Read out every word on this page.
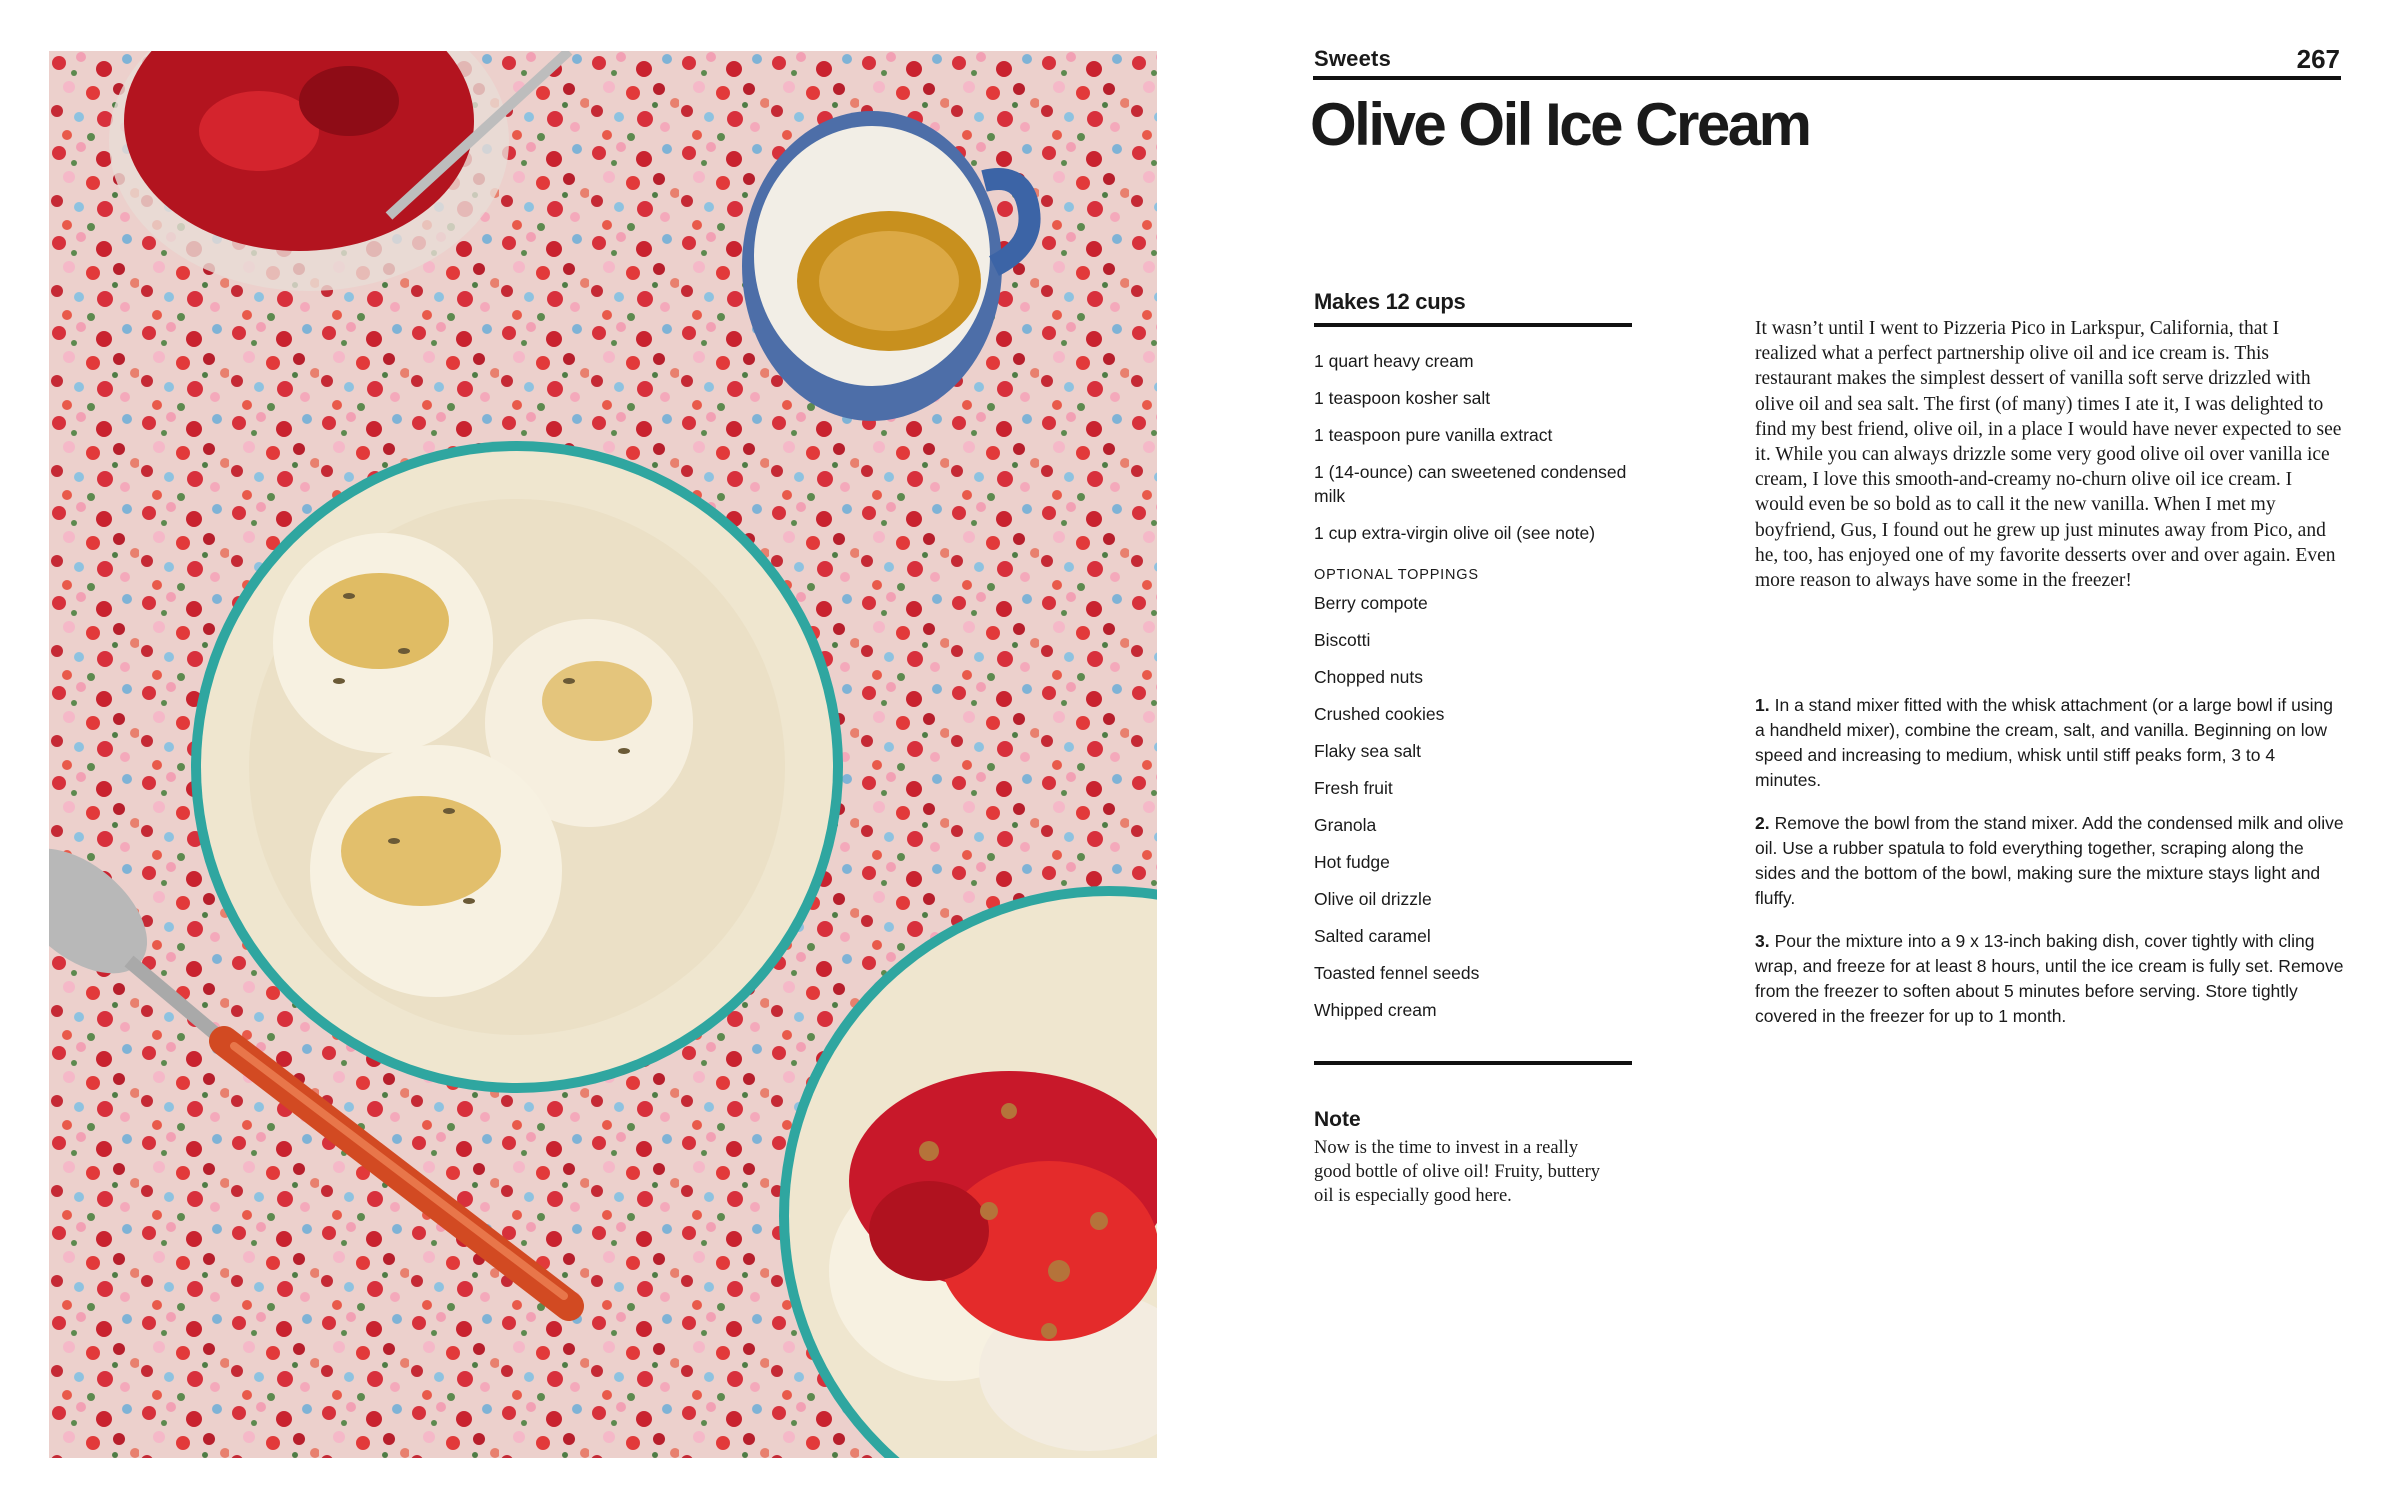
Sweets	267
Olive Oil Ice Cream
Makes 12 cups
1 quart heavy cream
1 teaspoon kosher salt
1 teaspoon pure vanilla extract
1 (14-ounce) can sweetened condensed milk
1 cup extra-virgin olive oil (see note)
OPTIONAL TOPPINGS
Berry compote
Biscotti
Chopped nuts
Crushed cookies
Flaky sea salt
Fresh fruit
Granola
Hot fudge
Olive oil drizzle
Salted caramel
Toasted fennel seeds
Whipped cream
Note
Now is the time to invest in a really good bottle of olive oil! Fruity, buttery oil is especially good here.

It wasn’t until I went to Pizzeria Pico in Larkspur, California, that I realized what a perfect partnership olive oil and ice cream is. This restaurant makes the simplest dessert of vanilla soft serve drizzled with olive oil and sea salt. The first (of many) times I ate it, I was delighted to find my best friend, olive oil, in a place I would have never expected to see it. While you can always drizzle some very good olive oil over vanilla ice cream, I love this smooth-and-creamy no-churn olive oil ice cream. I would even be so bold as to call it the new vanilla. When I met my boyfriend, Gus, I found out he grew up just minutes away from Pico, and he, too, has enjoyed one of my favorite desserts over and over again. Even more reason to always have some in the freezer!

1. In a stand mixer fitted with the whisk attachment (or a large bowl if using a handheld mixer), combine the cream, salt, and vanilla. Beginning on low speed and increasing to medium, whisk until stiff peaks form, 3 to 4 minutes.
2. Remove the bowl from the stand mixer. Add the condensed milk and olive oil. Use a rubber spatula to fold everything together, scraping along the sides and the bottom of the bowl, making sure the mixture stays light and fluffy.
3. Pour the mixture into a 9 x 13-inch baking dish, cover tightly with cling wrap, and freeze for at least 8 hours, until the ice cream is fully set. Remove from the freezer to soften about 5 minutes before serving. Store tightly covered in the freezer for up to 1 month.
